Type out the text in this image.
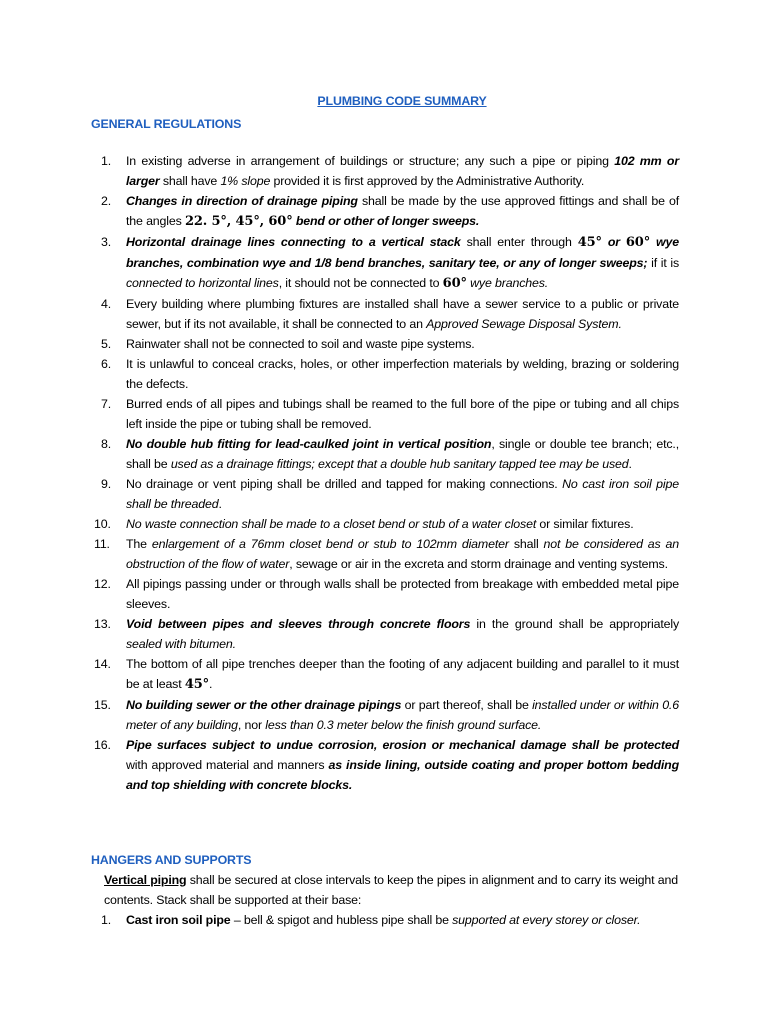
PLUMBING CODE SUMMARY
GENERAL REGULATIONS
1. In existing adverse in arrangement of buildings or structure; any such a pipe or piping 102 mm or larger shall have 1% slope provided it is first approved by the Administrative Authority.
2. Changes in direction of drainage piping shall be made by the use approved fittings and shall be of the angles 22. 5°, 45°, 60° bend or other of longer sweeps.
3. Horizontal drainage lines connecting to a vertical stack shall enter through 45° or 60° wye branches, combination wye and 1/8 bend branches, sanitary tee, or any of longer sweeps; if it is connected to horizontal lines, it should not be connected to 60° wye branches.
4. Every building where plumbing fixtures are installed shall have a sewer service to a public or private sewer, but if its not available, it shall be connected to an Approved Sewage Disposal System.
5. Rainwater shall not be connected to soil and waste pipe systems.
6. It is unlawful to conceal cracks, holes, or other imperfection materials by welding, brazing or soldering the defects.
7. Burred ends of all pipes and tubings shall be reamed to the full bore of the pipe or tubing and all chips left inside the pipe or tubing shall be removed.
8. No double hub fitting for lead-caulked joint in vertical position, single or double tee branch; etc., shall be used as a drainage fittings; except that a double hub sanitary tapped tee may be used.
9. No drainage or vent piping shall be drilled and tapped for making connections. No cast iron soil pipe shall be threaded.
10. No waste connection shall be made to a closet bend or stub of a water closet or similar fixtures.
11. The enlargement of a 76mm closet bend or stub to 102mm diameter shall not be considered as an obstruction of the flow of water, sewage or air in the excreta and storm drainage and venting systems.
12. All pipings passing under or through walls shall be protected from breakage with embedded metal pipe sleeves.
13. Void between pipes and sleeves through concrete floors in the ground shall be appropriately sealed with bitumen.
14. The bottom of all pipe trenches deeper than the footing of any adjacent building and parallel to it must be at least 45°.
15. No building sewer or the other drainage pipings or part thereof, shall be installed under or within 0.6 meter of any building, nor less than 0.3 meter below the finish ground surface.
16. Pipe surfaces subject to undue corrosion, erosion or mechanical damage shall be protected with approved material and manners as inside lining, outside coating and proper bottom bedding and top shielding with concrete blocks.
HANGERS AND SUPPORTS
Vertical piping shall be secured at close intervals to keep the pipes in alignment and to carry its weight and contents. Stack shall be supported at their base:
1. Cast iron soil pipe – bell & spigot and hubless pipe shall be supported at every storey or closer.
